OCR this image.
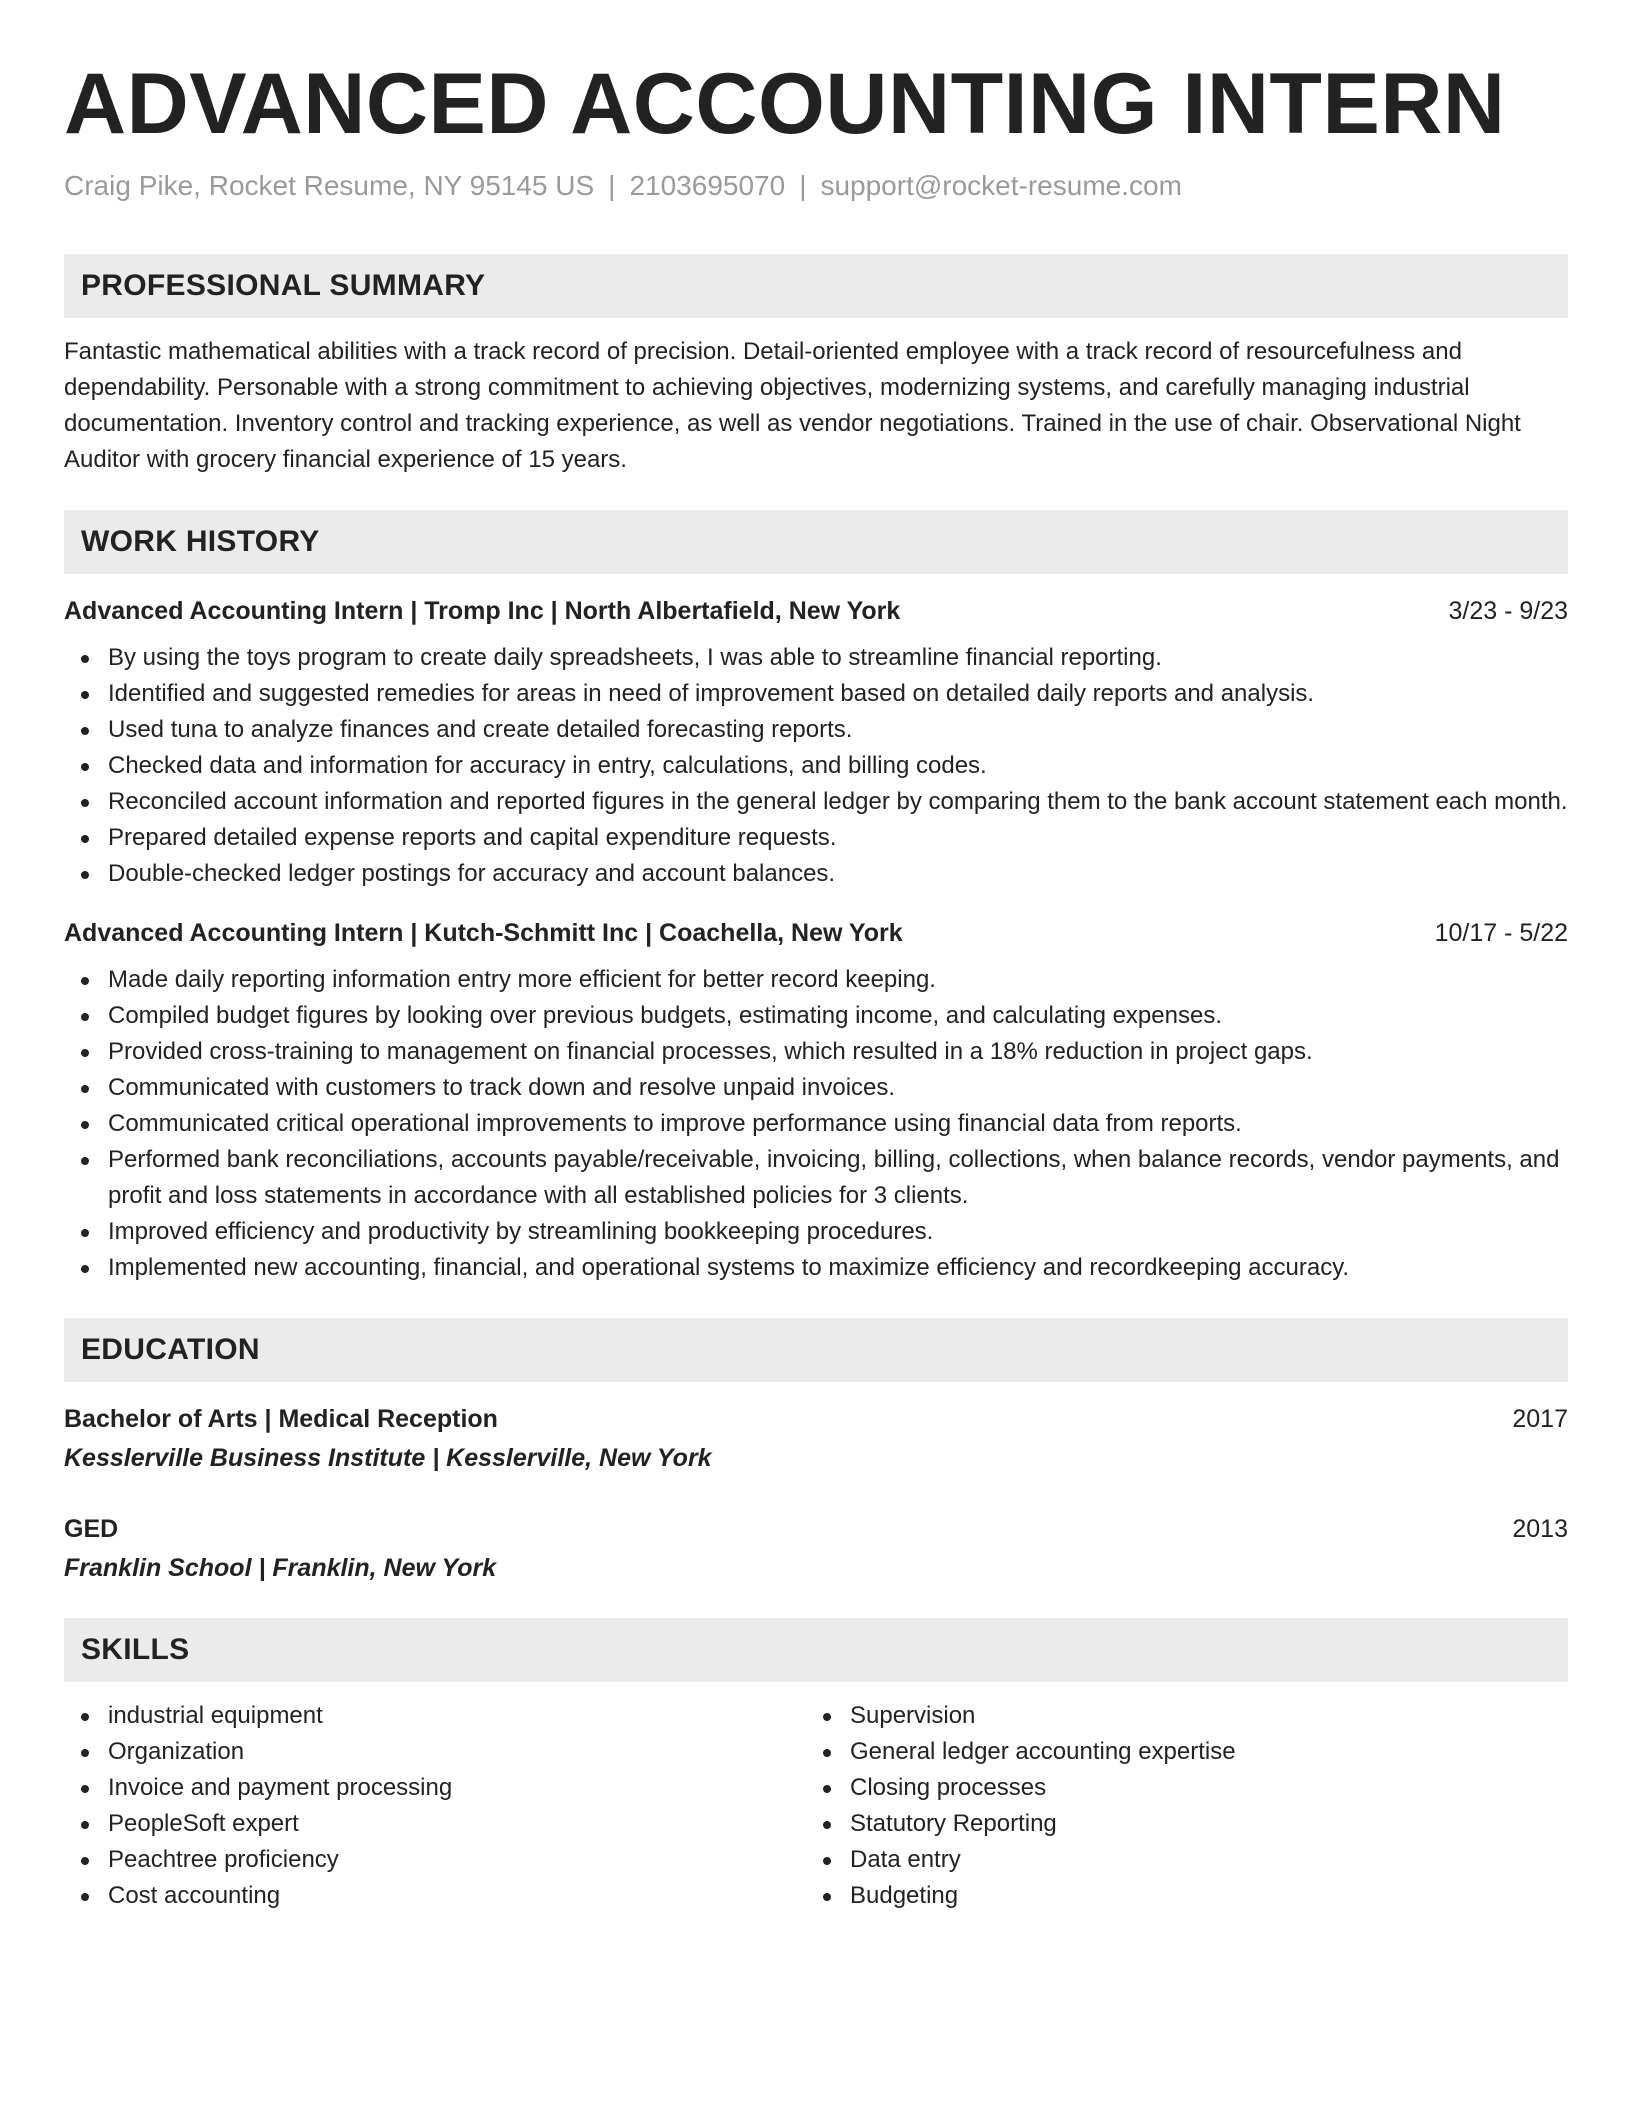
ADVANCED ACCOUNTING INTERN
Craig Pike, Rocket Resume, NY 95145 US | 2103695070 | support@rocket-resume.com
PROFESSIONAL SUMMARY

Fantastic mathematical abilities with a track record of precision. Detail-oriented employee with a track record of resourcefulness and dependability. Personable with a strong commitment to achieving objectives, modernizing systems, and carefully managing industrial documentation. Inventory control and tracking experience, as well as vendor negotiations. Trained in the use of chair. Observational Night Auditor with grocery financial experience of 15 years.

WORK HISTORY
Advanced Accounting Intern | Tromp Inc | North Albertafield, New York	3/23 - 9/23
By using the toys program to create daily spreadsheets, I was able to streamline financial reporting.
Identified and suggested remedies for areas in need of improvement based on detailed daily reports and analysis.
Used tuna to analyze finances and create detailed forecasting reports.
Checked data and information for accuracy in entry, calculations, and billing codes.
Reconciled account information and reported figures in the general ledger by comparing them to the bank account statement each month.
Prepared detailed expense reports and capital expenditure requests.
Double-checked ledger postings for accuracy and account balances.
Advanced Accounting Intern | Kutch-Schmitt Inc | Coachella, New York	10/17 - 5/22
Made daily reporting information entry more efficient for better record keeping.
Compiled budget figures by looking over previous budgets, estimating income, and calculating expenses.
Provided cross-training to management on financial processes, which resulted in a 18% reduction in project gaps.
Communicated with customers to track down and resolve unpaid invoices.
Communicated critical operational improvements to improve performance using financial data from reports.
Performed bank reconciliations, accounts payable/receivable, invoicing, billing, collections, when balance records, vendor payments, and profit and loss statements in accordance with all established policies for 3 clients.
Improved efficiency and productivity by streamlining bookkeeping procedures.
Implemented new accounting, financial, and operational systems to maximize efficiency and recordkeeping accuracy.
EDUCATION
Bachelor of Arts | Medical Reception	2017
Kesslerville Business Institute | Kesslerville, New York
GED	2013
Franklin School | Franklin, New York
SKILLS
industrial equipment
Organization
Invoice and payment processing
PeopleSoft expert
Peachtree proficiency
Cost accounting
Supervision
General ledger accounting expertise
Closing processes
Statutory Reporting
Data entry
Budgeting
